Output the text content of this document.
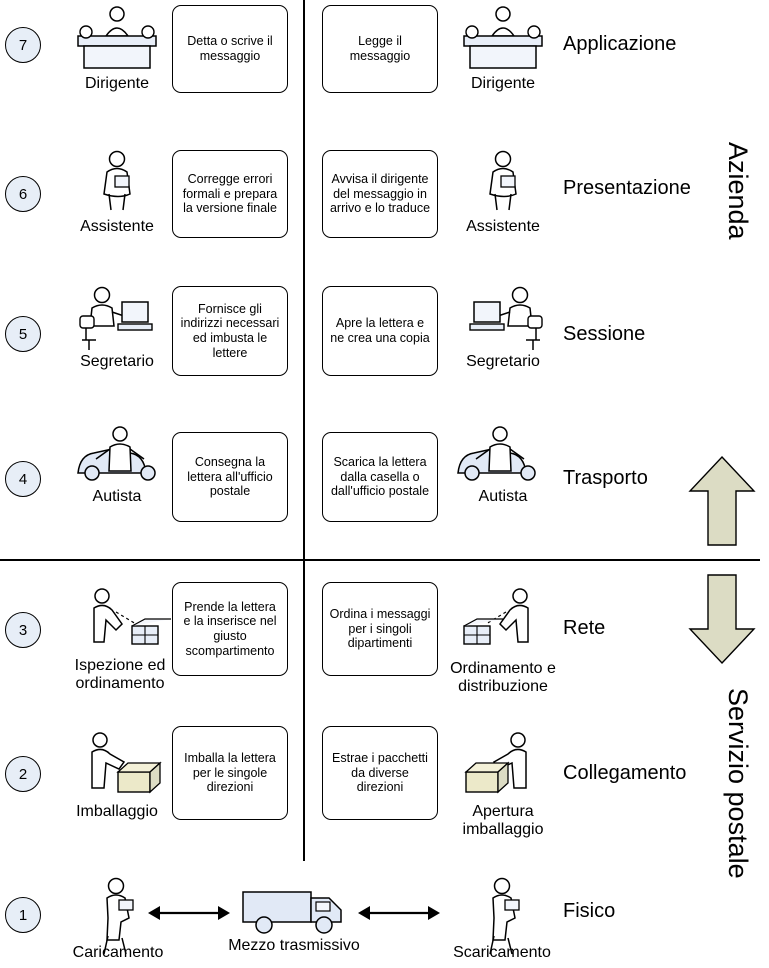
Azienda
Servizio postale
7
Dirigente
Detta o scrive il messaggio
Legge il messaggio
Dirigente
Applicazione
6
Assistente
Corregge errori formali e prepara la versione finale
Avvisa il dirigente del messaggio in arrivo e lo traduce
Assistente
Presentazione
5
Segretario
Fornisce gli indirizzi necessari ed imbusta le lettere
Apre la lettera e ne crea una copia
Segretario
Sessione
4
Autista
Consegna la lettera all'ufficio postale
Scarica la lettera dalla casella o dall'ufficio postale	Autista
Trasporto
3
Ispezione ed
ordinamento
Prende la lettera e la inserisce nel giusto scompartimento
Ordina i messaggi per i singoli dipartimenti
Ordinamento e
distribuzione
Rete
2
Imballaggio
Imballa la lettera per le singole direzioni
Estrae i pacchetti da diverse direzioni
Apertura
imballaggio
Collegamento
1
Caricamento	Mezzo trasmissivo	Scaricamento
Fisico
